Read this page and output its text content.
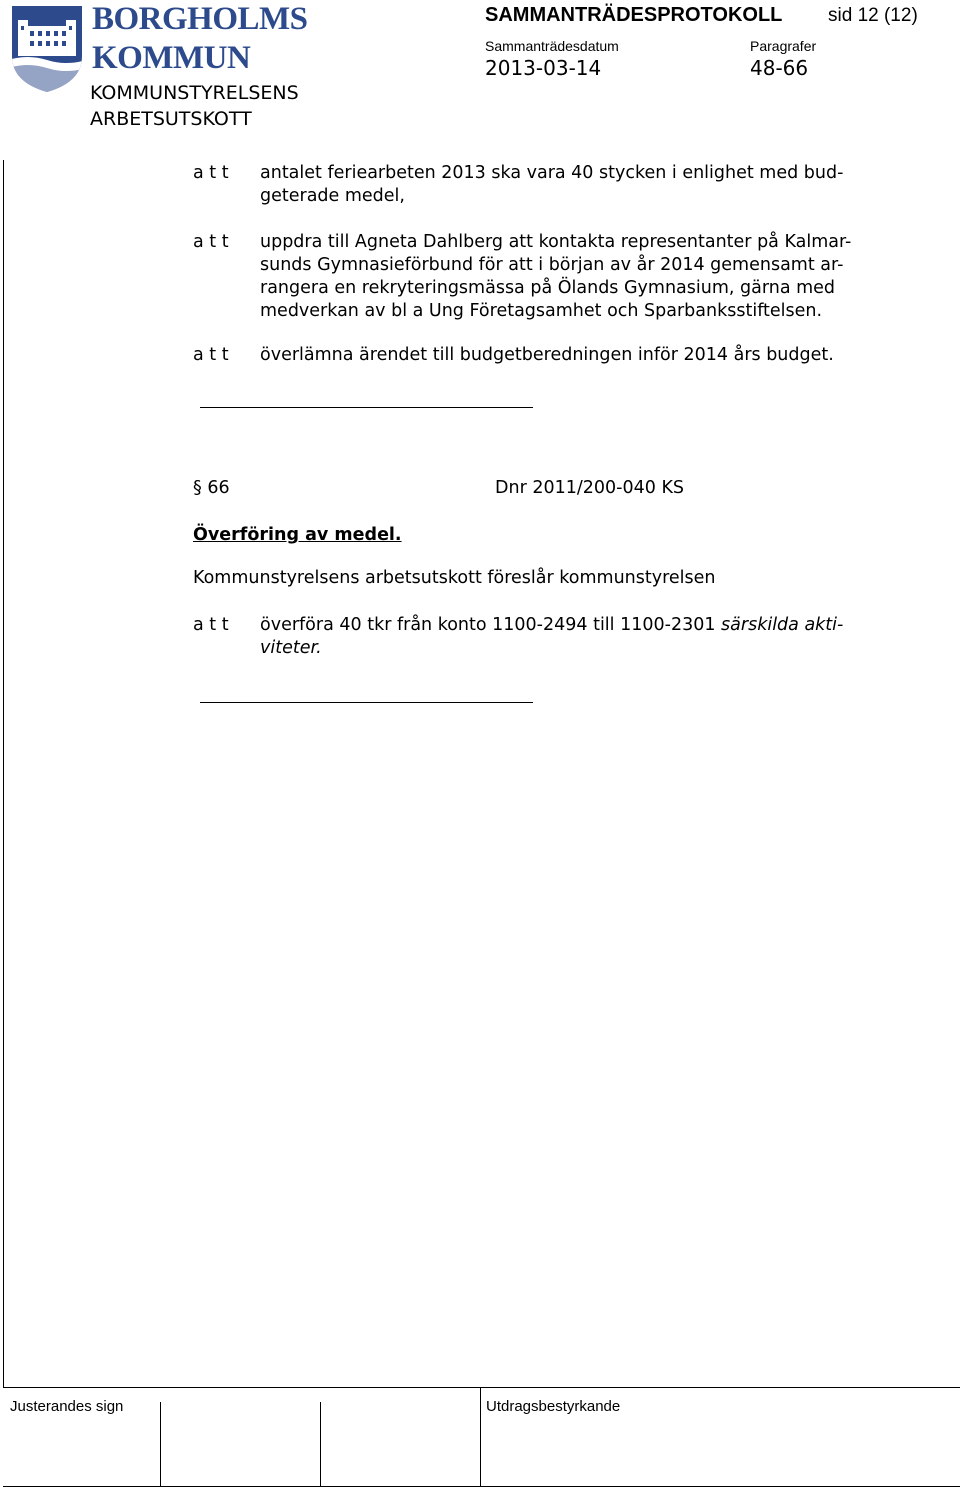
BORGHOLMS
KOMMUN
KOMMUNSTYRELSENS
ARBETSUTSKOTT
SAMMANTRÄDESPROTOKOLL sid 12 (12)
Sammanträdesdatum
2013-03-14
Paragrafer
48-66
a t t antalet feriearbeten 2013 ska vara 40 stycken i enlighet med bud-
geterade medel,
a t t uppdra till Agneta Dahlberg att kontakta representanter på Kalmar-
sunds Gymnasieförbund för att i början av år 2014 gemensamt ar-
rangera en rekryteringsmässa på Ölands Gymnasium, gärna med
medverkan av bl a Ung Företagsamhet och Sparbanksstiftelsen.
a t t överlämna ärendet till budgetberedningen inför 2014 års budget.
§ 66	Dnr 2011/200-040 KS
Överföring av medel.
Kommunstyrelsens arbetsutskott föreslår kommunstyrelsen
a t t överföra 40 tkr från konto 1100-2494 till 1100-2301 särskilda akti-
viteter.
Justerandes sign	Utdragsbestyrkande
